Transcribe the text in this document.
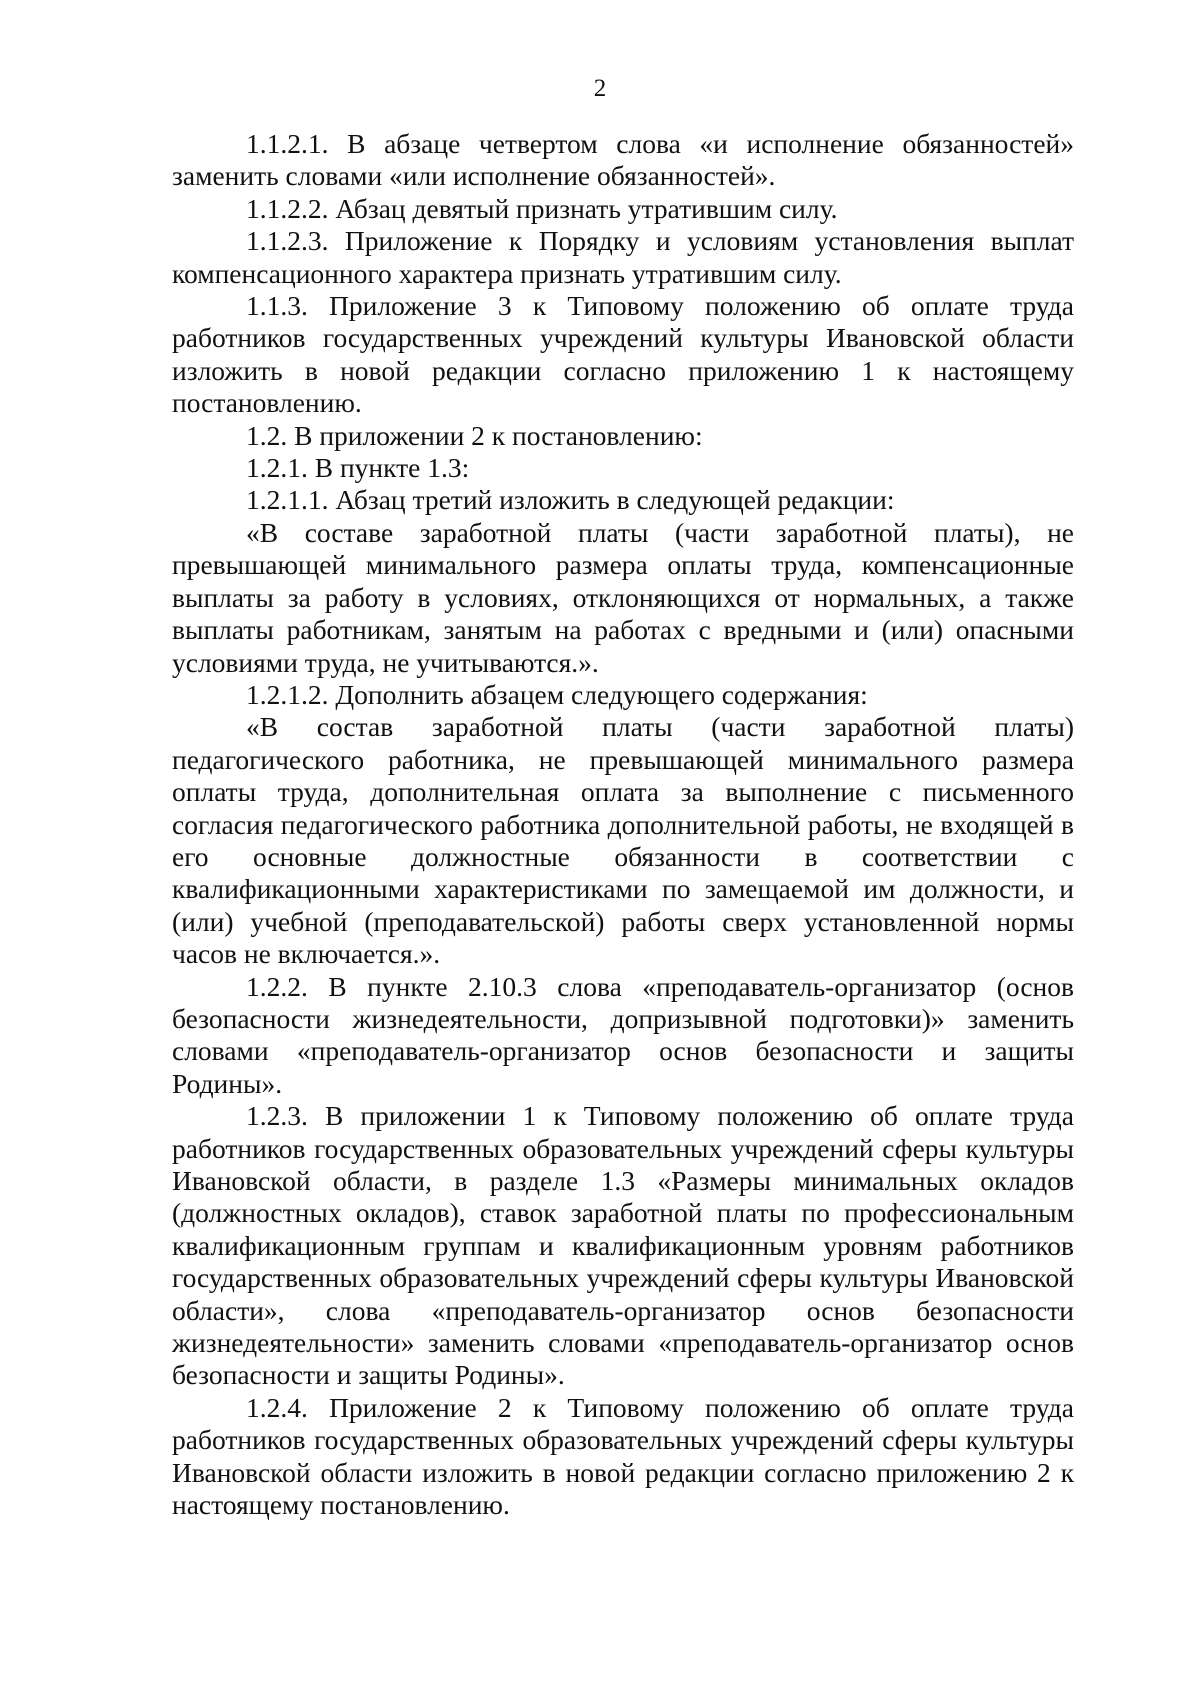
2

1.1.2.1. В абзаце четвертом слова «и исполнение обязанностей» заменить словами «или исполнение обязанностей».

1.1.2.2. Абзац девятый признать утратившим силу.

1.1.2.3. Приложение к Порядку и условиям установления выплат компенсационного характера признать утратившим силу.

1.1.3. Приложение 3 к Типовому положению об оплате труда работников государственных учреждений культуры Ивановской области изложить в новой редакции согласно приложению 1 к настоящему постановлению.

1.2. В приложении 2 к постановлению:

1.2.1. В пункте 1.3:

1.2.1.1. Абзац третий изложить в следующей редакции:

«В составе заработной платы (части заработной платы), не превышающей минимального размера оплаты труда, компенсационные выплаты за работу в условиях, отклоняющихся от нормальных, а также выплаты работникам, занятым на работах с вредными и (или) опасными условиями труда, не учитываются.».

1.2.1.2. Дополнить абзацем следующего содержания:

«В состав заработной платы (части заработной платы) педагогического работника, не превышающей минимального размера оплаты труда, дополнительная оплата за выполнение с письменного согласия педагогического работника дополнительной работы, не входящей в его основные должностные обязанности в соответствии с квалификационными характеристиками по замещаемой им должности, и (или) учебной (преподавательской) работы сверх установленной нормы часов не включается.».

1.2.2. В пункте 2.10.3 слова «преподаватель-организатор (основ безопасности жизнедеятельности, допризывной подготовки)» заменить словами «преподаватель-организатор основ безопасности и защиты Родины».

1.2.3. В приложении 1 к Типовому положению об оплате труда работников государственных образовательных учреждений сферы культуры Ивановской области, в разделе 1.3 «Размеры минимальных окладов (должностных окладов), ставок заработной платы по профессиональным квалификационным группам и квалификационным уровням работников государственных образовательных учреждений сферы культуры Ивановской области», слова «преподаватель-организатор основ безопасности жизнедеятельности» заменить словами «преподаватель-организатор основ безопасности и защиты Родины».

1.2.4. Приложение 2 к Типовому положению об оплате труда работников государственных образовательных учреждений сферы культуры Ивановской области изложить в новой редакции согласно приложению 2 к настоящему постановлению.
